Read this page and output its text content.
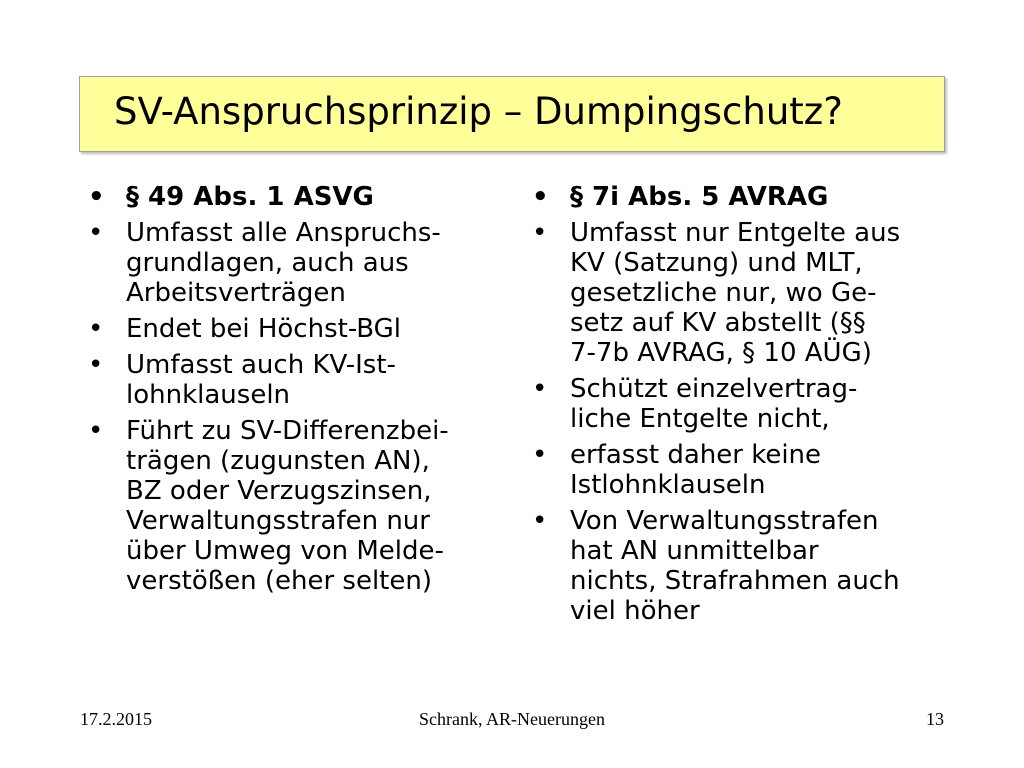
SV-Anspruchsprinzip – Dumpingschutz?
• § 49 Abs. 1 ASVG
• Umfasst alle Anspruchs-
grundlagen, auch aus
Arbeitsverträgen
• Endet bei Höchst-BGl
• Umfasst auch KV-Ist-
lohnklauseln
• Führt zu SV-Differenzbei-
trägen (zugunsten AN),
BZ oder Verzugszinsen,
Verwaltungsstrafen nur
über Umweg von Melde-
verstößen (eher selten)
• § 7i Abs. 5 AVRAG
• Umfasst nur Entgelte aus
KV (Satzung) und MLT,
gesetzliche nur, wo Ge-
setz auf KV abstellt (§§
7-7b AVRAG, § 10 AÜG)
• Schützt einzelvertrag-
liche Entgelte nicht,
• erfasst daher keine
Istlohnklauseln
• Von Verwaltungsstrafen
hat AN unmittelbar
nichts, Strafrahmen auch
viel höher
17.2.2015	Schrank, AR-Neuerungen	13
